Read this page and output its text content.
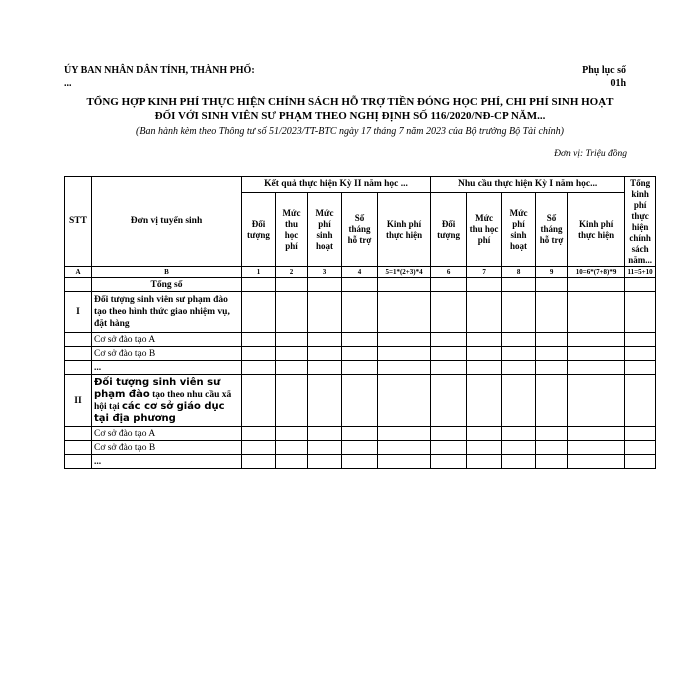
ÚY BAN NHÂN DÂN TỈNH, THÀNH PHỐ:
...
Phụ lục số
01h
TỔNG HỢP KINH PHÍ THỰC HIỆN CHÍNH SÁCH HỖ TRỢ TIỀN ĐÓNG HỌC PHÍ, CHI PHÍ SINH HOẠT
ĐỐI VỚI SINH VIÊN SƯ PHẠM THEO NGHỊ ĐỊNH SỐ 116/2020/NĐ-CP NĂM...
(Ban hành kèm theo Thông tư số 51/2023/TT-BTC ngày 17 tháng 7 năm 2023 của Bộ trưởng Bộ Tài chính)
Đơn vị: Triệu đồng
STT	Đơn vị tuyển sinh	Kết quả thực hiện Kỳ II năm học ...					Nhu cầu thực hiện Kỳ I năm học...					Tổng kinh phí thực hiện chính sách năm...
		Đối tượng	Mức thu học phí	Mức phí sinh hoạt	Số tháng hỗ trợ	Kinh phí thực hiện	Đối tượng	Mức thu học phí	Mức phí sinh hoạt	Số tháng hỗ trợ	Kinh phí thực hiện	
A	B	1	2	3	4	5=1*(2+3)*4	6	7	8	9	10=6*(7+8)*9	11=5+10
	Tổng số											
I	Đối tượng sinh viên sư phạm đào tạo theo hình thức giao nhiệm vụ, đặt hàng											
	Cơ sở đào tạo A											
	Cơ sở đào tạo B											
	...											
II	Đối tượng sinh viên sư phạm đào tạo theo nhu cầu xã hội tại các cơ sở giáo dục tại địa phương											
	Cơ sở đào tạo A											
	Cơ sở đào tạo B											
	...											
